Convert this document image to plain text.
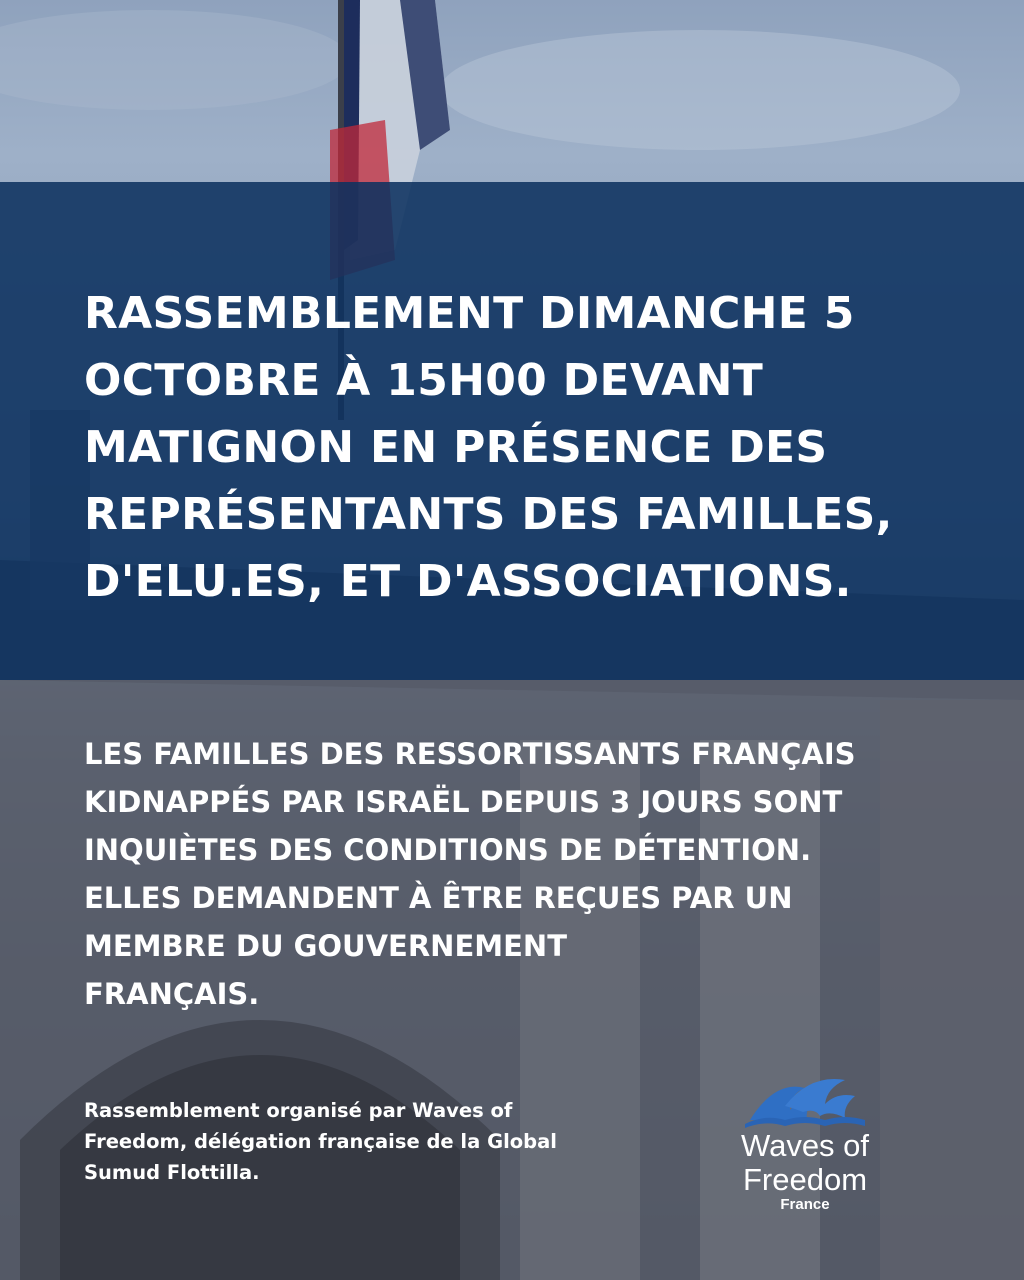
RASSEMBLEMENT DIMANCHE 5 OCTOBRE À 15H00 DEVANT MATIGNON EN PRÉSENCE DES REPRÉSENTANTS DES FAMILLES, D'ELU.ES, ET D'ASSOCIATIONS.

LES FAMILLES DES RESSORTISSANTS FRANÇAIS
KIDNAPPÉS PAR ISRAËL DEPUIS 3 JOURS SONT
INQUIÈTES DES CONDITIONS DE DÉTENTION.
ELLES DEMANDENT À ÊTRE REÇUES PAR UN
MEMBRE DU GOUVERNEMENT
FRANÇAIS.

Rassemblement organisé par Waves of
Freedom, délégation française de la Global
Sumud Flottilla.

Waves of
Freedom
France
